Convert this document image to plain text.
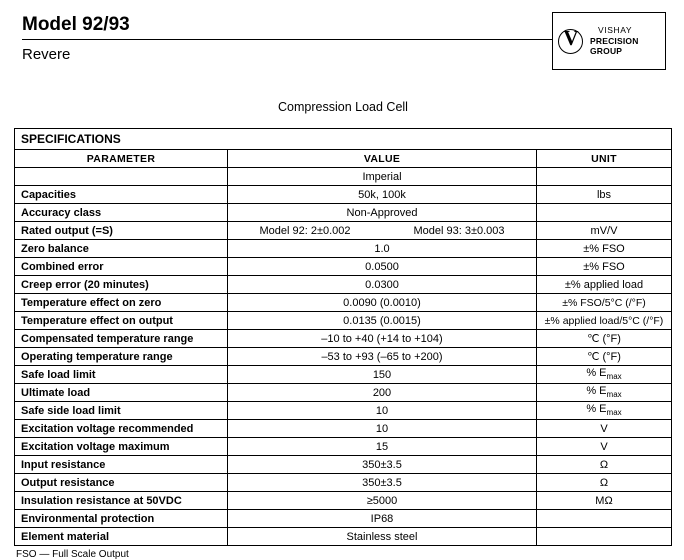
Model 92/93
Revere
V	VISHAY
PRECISION
GROUP
Compression Load Cell
SPECIFICATIONS
PARAMETER	VALUE	UNIT
	Imperial	
Capacities	50k, 100k	lbs
Accuracy class	Non-Approved	
Rated output (=S)	Model 92: 2±0.002 Model 93: 3±0.003	mV/V
Zero balance	1.0	±% FSO
Combined error	0.0500	±% FSO
Creep error (20 minutes)	0.0300	±% applied load
Temperature effect on zero	0.0090 (0.0010)	±% FSO/5°C (/°F)
Temperature effect on output	0.0135 (0.0015)	±% applied load/5°C (/°F)
Compensated temperature range	–10 to +40 (+14 to +104)	℃ (°F)
Operating temperature range	–53 to +93 (–65 to +200)	℃ (°F)
Safe load limit	150	% $E_{max}$
Ultimate load	200	% $E_{max}$
Safe side load limit	10	% $E_{max}$
Excitation voltage recommended	10	V
Excitation voltage maximum	15	V
Input resistance	350±3.5	Ω
Output resistance	350±3.5	Ω
Insulation resistance at 50VDC	≥5000	MΩ
Environmental protection	IP68	
Element material	Stainless steel	
FSO — Full Scale Output
